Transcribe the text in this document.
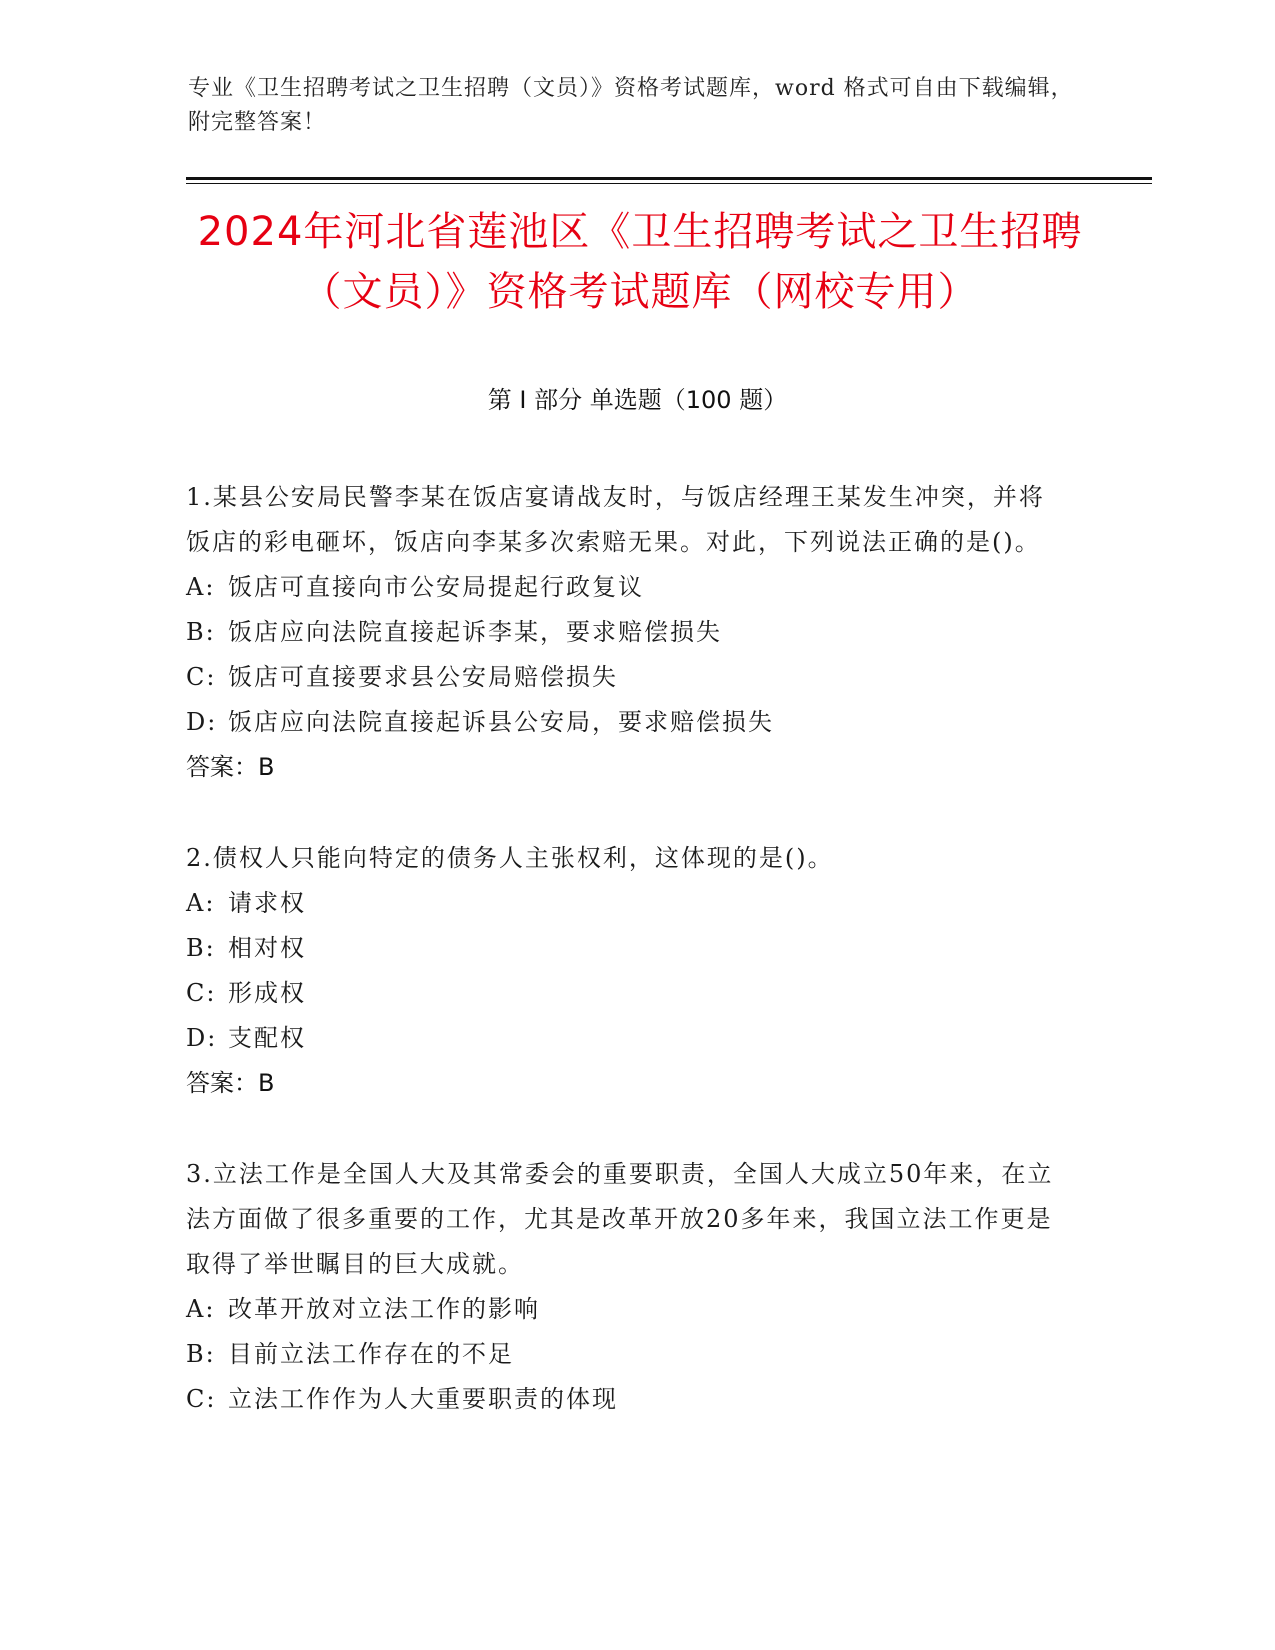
专业《卫生招聘考试之卫生招聘（文员）》资格考试题库，word 格式可自由下载编辑，附完整答案！
2024年河北省莲池区《卫生招聘考试之卫生招聘（文员）》资格考试题库（网校专用）
第 I 部分 单选题（100 题）
1.某县公安局民警李某在饭店宴请战友时，与饭店经理王某发生冲突，并将饭店的彩电砸坏，饭店向李某多次索赔无果。对此，下列说法正确的是()。
A: 饭店可直接向市公安局提起行政复议
B: 饭店应向法院直接起诉李某，要求赔偿损失
C: 饭店可直接要求县公安局赔偿损失
D: 饭店应向法院直接起诉县公安局，要求赔偿损失
答案：B
2.债权人只能向特定的债务人主张权利，这体现的是()。
A: 请求权
B: 相对权
C: 形成权
D: 支配权
答案：B
3.立法工作是全国人大及其常委会的重要职责，全国人大成立50年来，在立法方面做了很多重要的工作，尤其是改革开放20多年来，我国立法工作更是取得了举世瞩目的巨大成就。
A: 改革开放对立法工作的影响
B: 目前立法工作存在的不足
C: 立法工作作为人大重要职责的体现
